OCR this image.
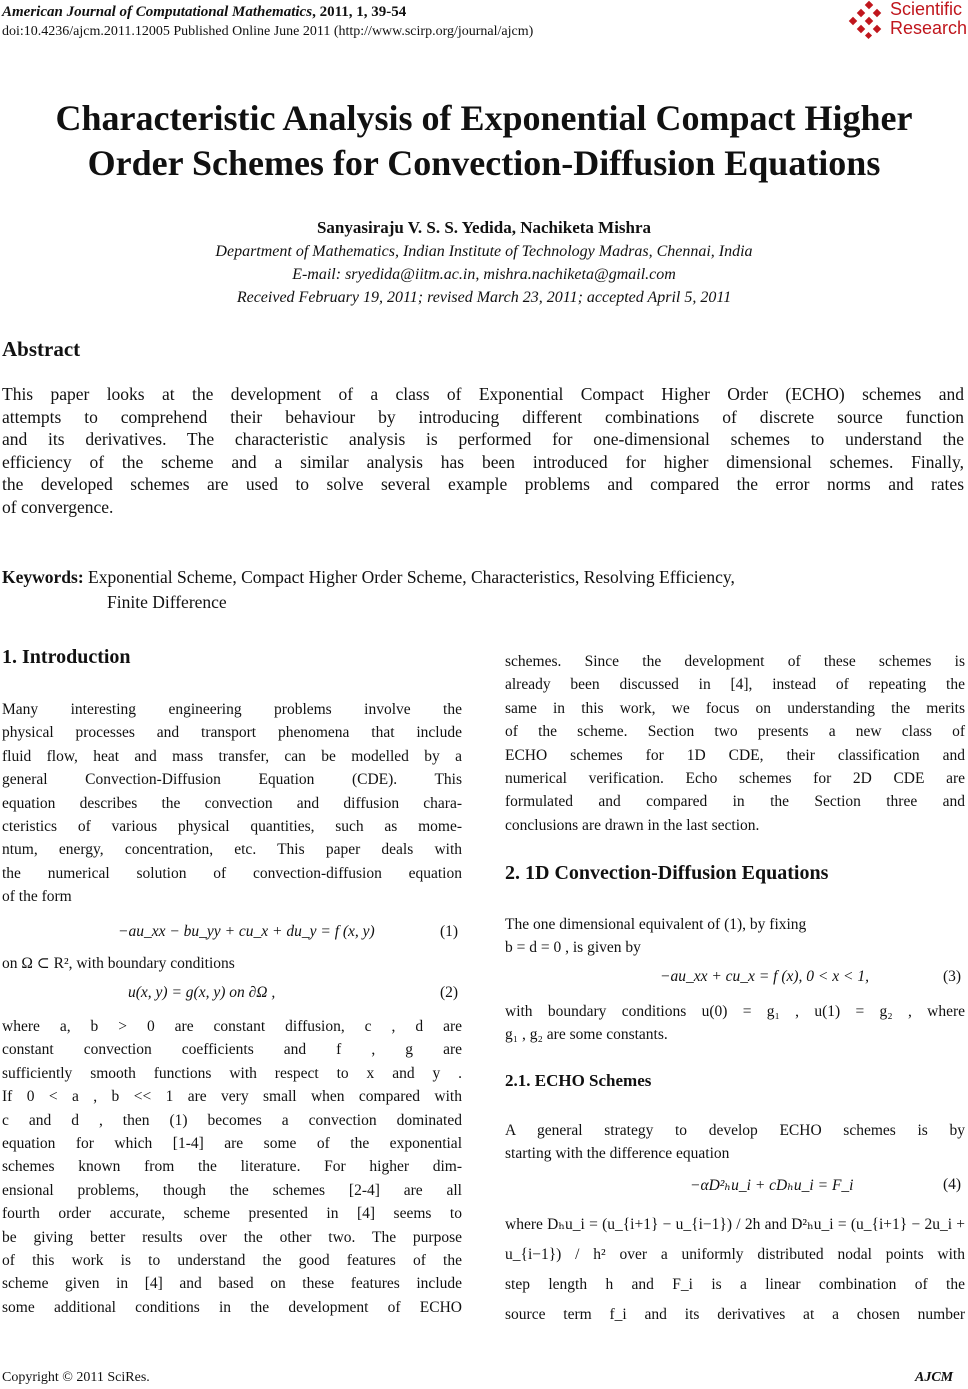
American Journal of Computational Mathematics, 2011, 1, 39-54
doi:10.4236/ajcm.2011.12005 Published Online June 2011 (http://www.scirp.org/journal/ajcm)
Scientific
Research
Characteristic Analysis of Exponential Compact Higher
Order Schemes for Convection-Diffusion Equations
Sanyasiraju V. S. S. Yedida, Nachiketa Mishra
Department of Mathematics, Indian Institute of Technology Madras, Chennai, India
E-mail: sryedida@iitm.ac.in, mishra.nachiketa@gmail.com
Received February 19, 2011; revised March 23, 2011; accepted April 5, 2011
Abstract
This paper looks at the development of a class of Exponential Compact Higher Order (ECHO) schemes and
attempts to comprehend their behaviour by introducing different combinations of discrete source function
and its derivatives. The characteristic analysis is performed for one-dimensional schemes to understand the
efficiency of the scheme and a similar analysis has been introduced for higher dimensional schemes. Finally,
the developed schemes are used to solve several example problems and compared the error norms and rates
of convergence.
Keywords: Exponential Scheme, Compact Higher Order Scheme, Characteristics, Resolving Efficiency,
Finite Difference
1. Introduction
Many interesting engineering problems involve the
physical processes and transport phenomena that include
fluid flow, heat and mass transfer, can be modelled by a
general Convection-Diffusion Equation (CDE). This
equation describes the convection and diffusion chara-
cteristics of various physical quantities, such as mome-
ntum, energy, concentration, etc. This paper deals with
the numerical solution of convection-diffusion equation
of the form
−au_xx − bu_yy + cu_x + du_y = f (x, y)	(1)
on Ω ⊂ R², with boundary conditions
u(x, y) = g(x, y) on ∂Ω ,	(2)
where a, b > 0 are constant diffusion, c , d are
constant convection coefficients and f , g are
sufficiently smooth functions with respect to x and y .
If 0 < a , b << 1 are very small when compared with
c and d , then (1) becomes a convection dominated
equation for which [1-4] are some of the exponential
schemes known from the literature. For higher dim-
ensional problems, though the schemes [2-4] are all
fourth order accurate, scheme presented in [4] seems to
be giving better results over the other two. The purpose
of this work is to understand the good features of the
scheme given in [4] and based on these features include
some additional conditions in the development of ECHO
schemes. Since the development of these schemes is
already been discussed in [4], instead of repeating the
same in this work, we focus on understanding the merits
of the scheme. Section two presents a new class of
ECHO schemes for 1D CDE, their classification and
numerical verification. Echo schemes for 2D CDE are
formulated and compared in the Section three and
conclusions are drawn in the last section.
2. 1D Convection-Diffusion Equations
The one dimensional equivalent of (1), by fixing
b = d = 0 , is given by
−au_xx + cu_x = f (x), 0 < x < 1,	(3)
with boundary conditions u(0) = g₁ , u(1) = g₂ , where
g₁ , g₂ are some constants.
2.1. ECHO Schemes
A general strategy to develop ECHO schemes is by
starting with the difference equation
−αD²ₕu_i + cDₕu_i = F_i	(4)
where Dₕu_i = (u_{i+1} − u_{i−1}) / 2h and D²ₕu_i = (u_{i+1} − 2u_i +
u_{i−1}) / h² over a uniformly distributed nodal points with
step length h and F_i is a linear combination of the
source term f_i and its derivatives at a chosen number
Copyright © 2011 SciRes.	AJCM
